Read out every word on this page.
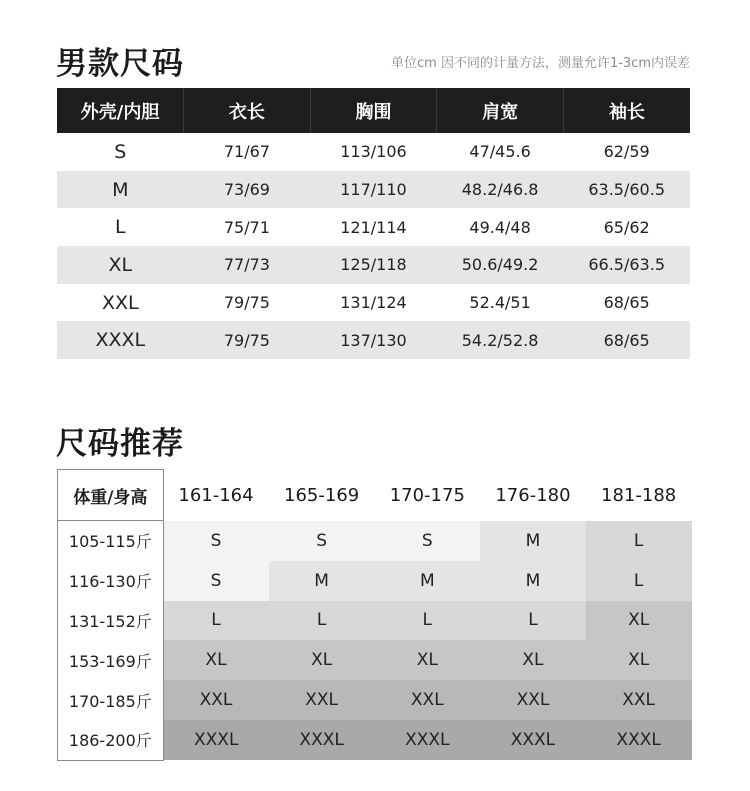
男款尺码	单位cm 因不同的计量方法，测量允许1-3cm内误差
外壳/内胆	衣长	胸围	肩宽	袖长
S	71/67	113/106	47/45.6	62/59
M	73/69	117/110	48.2/46.8	63.5/60.5
L	75/71	121/114	49.4/48	65/62
XL	77/73	125/118	50.6/49.2	66.5/63.5
XXL	79/75	131/124	52.4/51	68/65
XXXL	79/75	137/130	54.2/52.8	68/65
尺码推荐
体重/身高	161-164	165-169	170-175	176-180	181-188
105-115斤	S	S	S	M	L
116-130斤	S	M	M	M	L
131-152斤	L	L	L	L	XL
153-169斤	XL	XL	XL	XL	XL
170-185斤	XXL	XXL	XXL	XXL	XXL
186-200斤	XXXL	XXXL	XXXL	XXXL	XXXL
